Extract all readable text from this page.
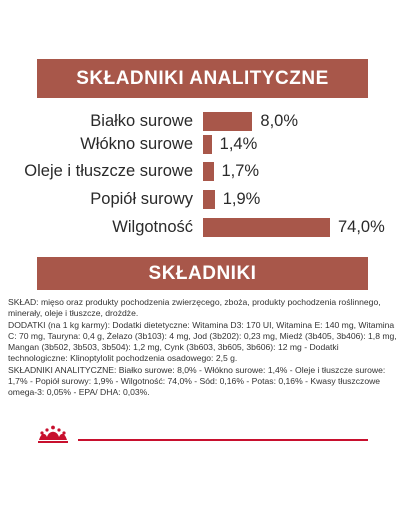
SKŁADNIKI ANALITYCZNE
Białko surowe	8,0%
Włókno surowe 1,4%
Oleje i tłuszcze surowe 1,7%
Popiół surowy 1,9%
Wilgotność	74,0%
SKŁADNIKI

SKŁAD: mięso oraz produkty pochodzenia zwierzęcego, zboża, produkty pochodzenia roślinnego, minerały, oleje i tłuszcze, drożdże.

DODATKI (na 1 kg karmy): Dodatki dietetyczne: Witamina D3: 170 UI, Witamina E: 140 mg, Witamina C: 70 mg, Tauryna: 0,4 g, Żelazo (3b103): 4 mg, Jod (3b202): 0,23 mg, Miedź (3b405, 3b406): 1,8 mg, Mangan (3b502, 3b503, 3b504): 1,2 mg, Cynk (3b603, 3b605, 3b606): 12 mg - Dodatki technologiczne: Klinoptylolit pochodzenia osadowego: 2,5 g.

SKŁADNIKI ANALITYCZNE: Białko surowe: 8,0% - Włókno surowe: 1,4% - Oleje i tłuszcze surowe: 1,7% - Popiół surowy: 1,9% - Wilgotność: 74,0% - Sód: 0,16% - Potas: 0,16% - Kwasy tłuszczowe omega-3: 0,05% - EPA/ DHA: 0,03%.
